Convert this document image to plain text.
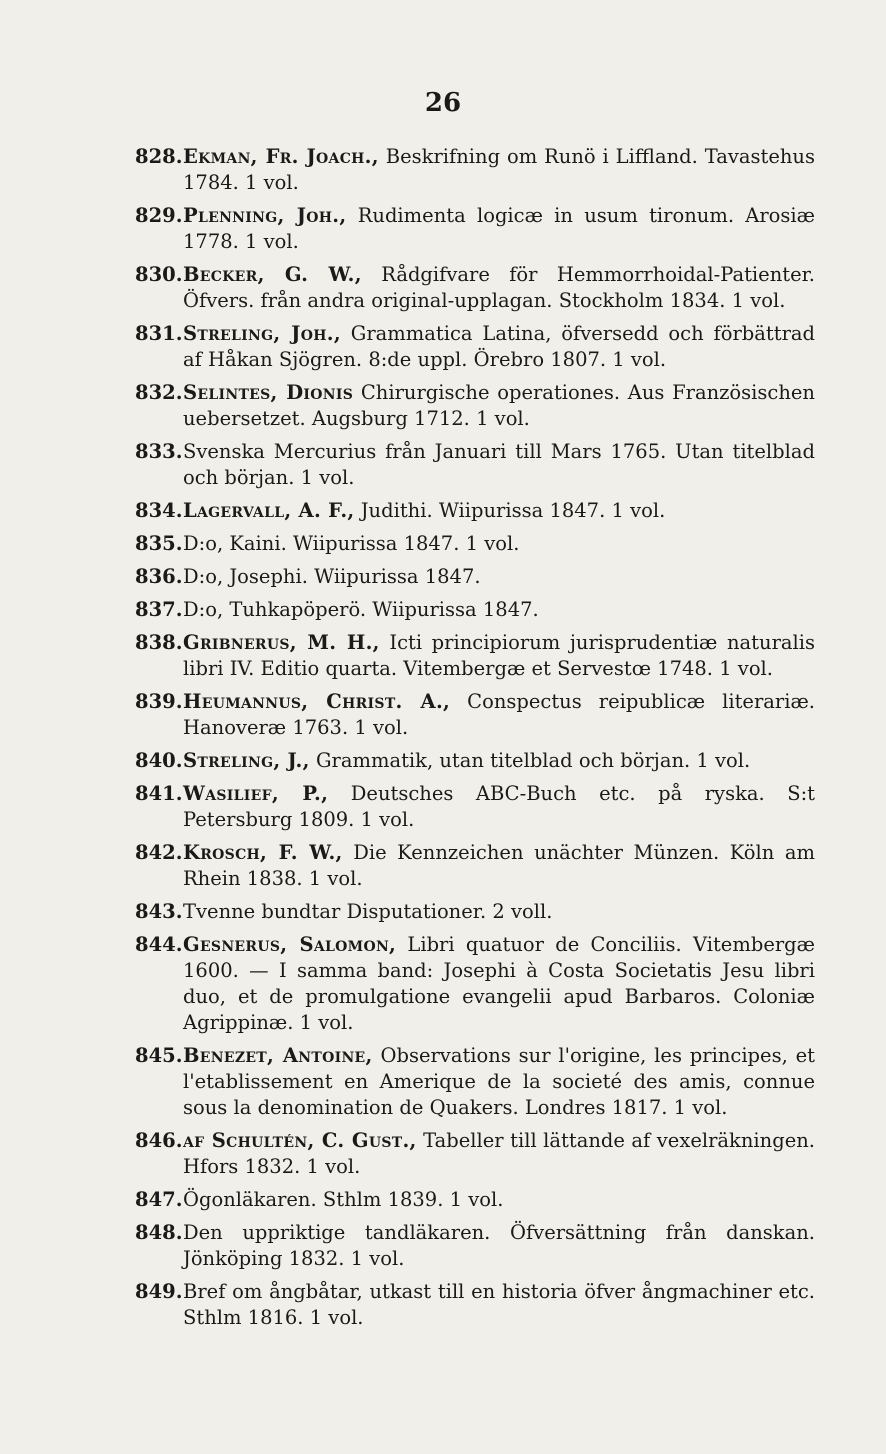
26
828. Ekman, Fr. Joach., Beskrifning om Runö i Liffland. Tavastehus 1784. 1 vol.
829. Plenning, Joh., Rudimenta logicæ in usum tironum. Arosiæ 1778. 1 vol.
830. Becker, G. W., Rådgifvare för Hemmorrhoidal-Patienter. Öfvers. från andra original-upplagan. Stockholm 1834. 1 vol.
831. Streling, Joh., Grammatica Latina, öfversedd och förbättrad af Håkan Sjögren. 8:de uppl. Örebro 1807. 1 vol.
832. Selintes, Dionis Chirurgische operationes. Aus Französischen uebersetzet. Augsburg 1712. 1 vol.
833. Svenska Mercurius från Januari till Mars 1765. Utan titelblad och början. 1 vol.
834. Lagervall, A. F., Judithi. Wiipurissa 1847. 1 vol.
835. D:o, Kaini. Wiipurissa 1847. 1 vol.
836. D:o, Josephi. Wiipurissa 1847.
837. D:o, Tuhkapöperö. Wiipurissa 1847.
838. Gribnerus, M. H., Icti principiorum jurisprudentiæ naturalis libri IV. Editio quarta. Vitembergæ et Servestœ 1748. 1 vol.
839. Heumannus, Christ. A., Conspectus reipublicæ literariæ. Hanoveræ 1763. 1 vol.
840. Streling, J., Grammatik, utan titelblad och början. 1 vol.
841. Wasilief, P., Deutsches ABC-Buch etc. på ryska. S:t Petersburg 1809. 1 vol.
842. Krosch, F. W., Die Kennzeichen unächter Münzen. Köln am Rhein 1838. 1 vol.
843. Tvenne bundtar Disputationer. 2 voll.
844. Gesnerus, Salomon, Libri quatuor de Conciliis. Vitembergæ 1600. — I samma band: Josephi à Costa Societatis Jesu libri duo, et de promulgatione evangelii apud Barbaros. Coloniæ Agrippinæ. 1 vol.
845. Benezet, Antoine, Observations sur l'origine, les principes, et l'etablissement en Amerique de la societé des amis, connue sous la denomination de Quakers. Londres 1817. 1 vol.
846. af Schultén, C. Gust., Tabeller till lättande af vexelräkningen. Hfors 1832. 1 vol.
847. Ögonläkaren. Sthlm 1839. 1 vol.
848. Den uppriktige tandläkaren. Öfversättning från danskan. Jönköping 1832. 1 vol.
849. Bref om ångbåtar, utkast till en historia öfver ångmachiner etc. Sthlm 1816. 1 vol.
